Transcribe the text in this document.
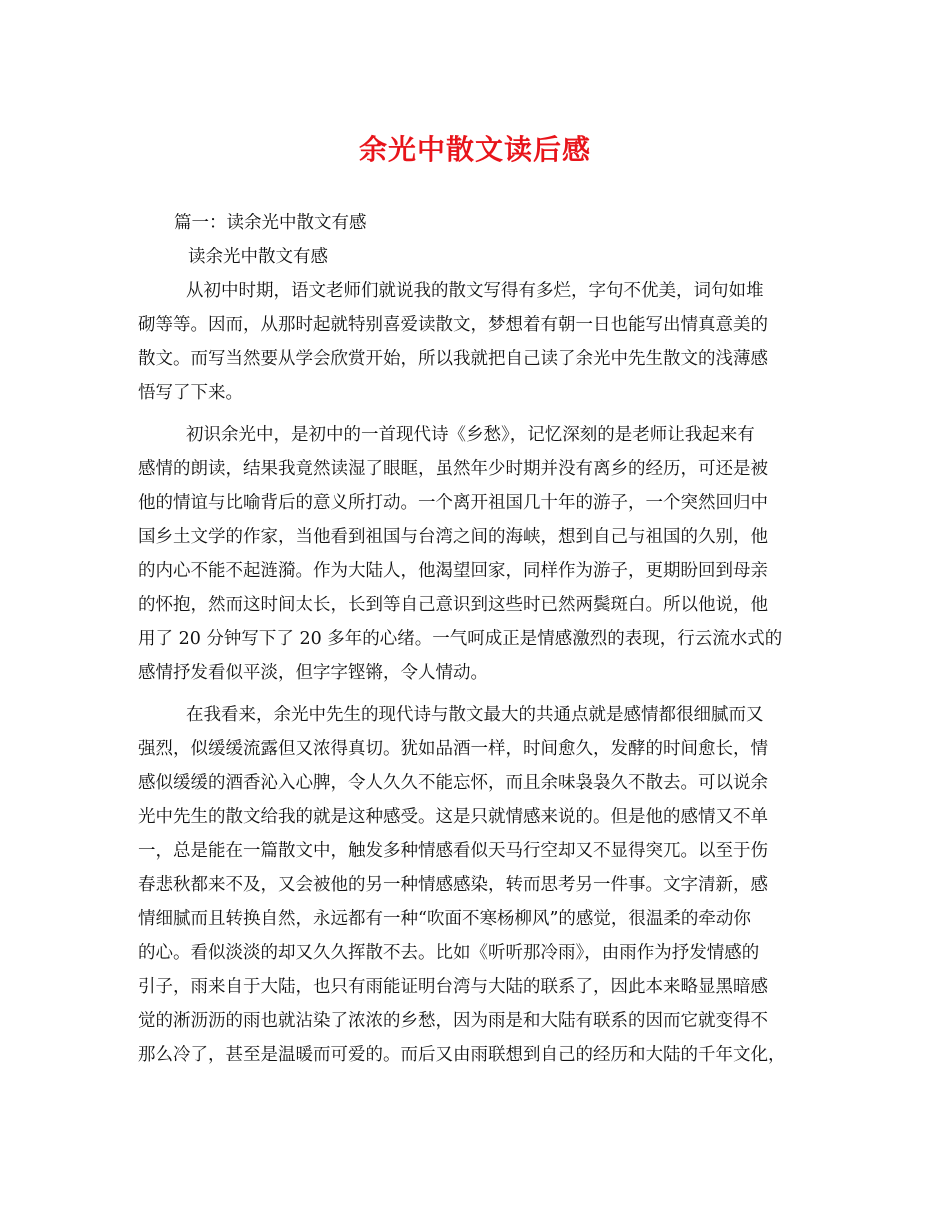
余光中散文读后感

篇一：读余光中散文有感

读余光中散文有感

从初中时期，语文老师们就说我的散文写得有多烂，字句不优美，词句如堆

砌等等。因而，从那时起就特别喜爱读散文，梦想着有朝一日也能写出情真意美的

散文。而写当然要从学会欣赏开始，所以我就把自己读了余光中先生散文的浅薄感

悟写了下来。

初识余光中，是初中的一首现代诗《乡愁》，记忆深刻的是老师让我起来有

感情的朗读，结果我竟然读湿了眼眶，虽然年少时期并没有离乡的经历，可还是被

他的情谊与比喻背后的意义所打动。一个离开祖国几十年的游子，一个突然回归中

国乡土文学的作家，当他看到祖国与台湾之间的海峡，想到自己与祖国的久别，他

的内心不能不起涟漪。作为大陆人，他渴望回家，同样作为游子，更期盼回到母亲

的怀抱，然而这时间太长，长到等自己意识到这些时已然两鬓斑白。所以他说，他

用了 20 分钟写下了 20 多年的心绪。一气呵成正是情感激烈的表现，行云流水式的

感情抒发看似平淡，但字字铿锵，令人情动。

在我看来，余光中先生的现代诗与散文最大的共通点就是感情都很细腻而又

强烈，似缓缓流露但又浓得真切。犹如品酒一样，时间愈久，发酵的时间愈长，情

感似缓缓的酒香沁入心脾，令人久久不能忘怀，而且余味袅袅久不散去。可以说余

光中先生的散文给我的就是这种感受。这是只就情感来说的。但是他的感情又不单

一，总是能在一篇散文中，触发多种情感看似天马行空却又不显得突兀。以至于伤

春悲秋都来不及，又会被他的另一种情感感染，转而思考另一件事。文字清新，感

情细腻而且转换自然，永远都有一种“吹面不寒杨柳风”的感觉，很温柔的牵动你

的心。看似淡淡的却又久久挥散不去。比如《听听那冷雨》，由雨作为抒发情感的

引子，雨来自于大陆，也只有雨能证明台湾与大陆的联系了，因此本来略显黑暗感

觉的淅沥沥的雨也就沾染了浓浓的乡愁，因为雨是和大陆有联系的因而它就变得不

那么冷了，甚至是温暖而可爱的。而后又由雨联想到自己的经历和大陆的千年文化，
